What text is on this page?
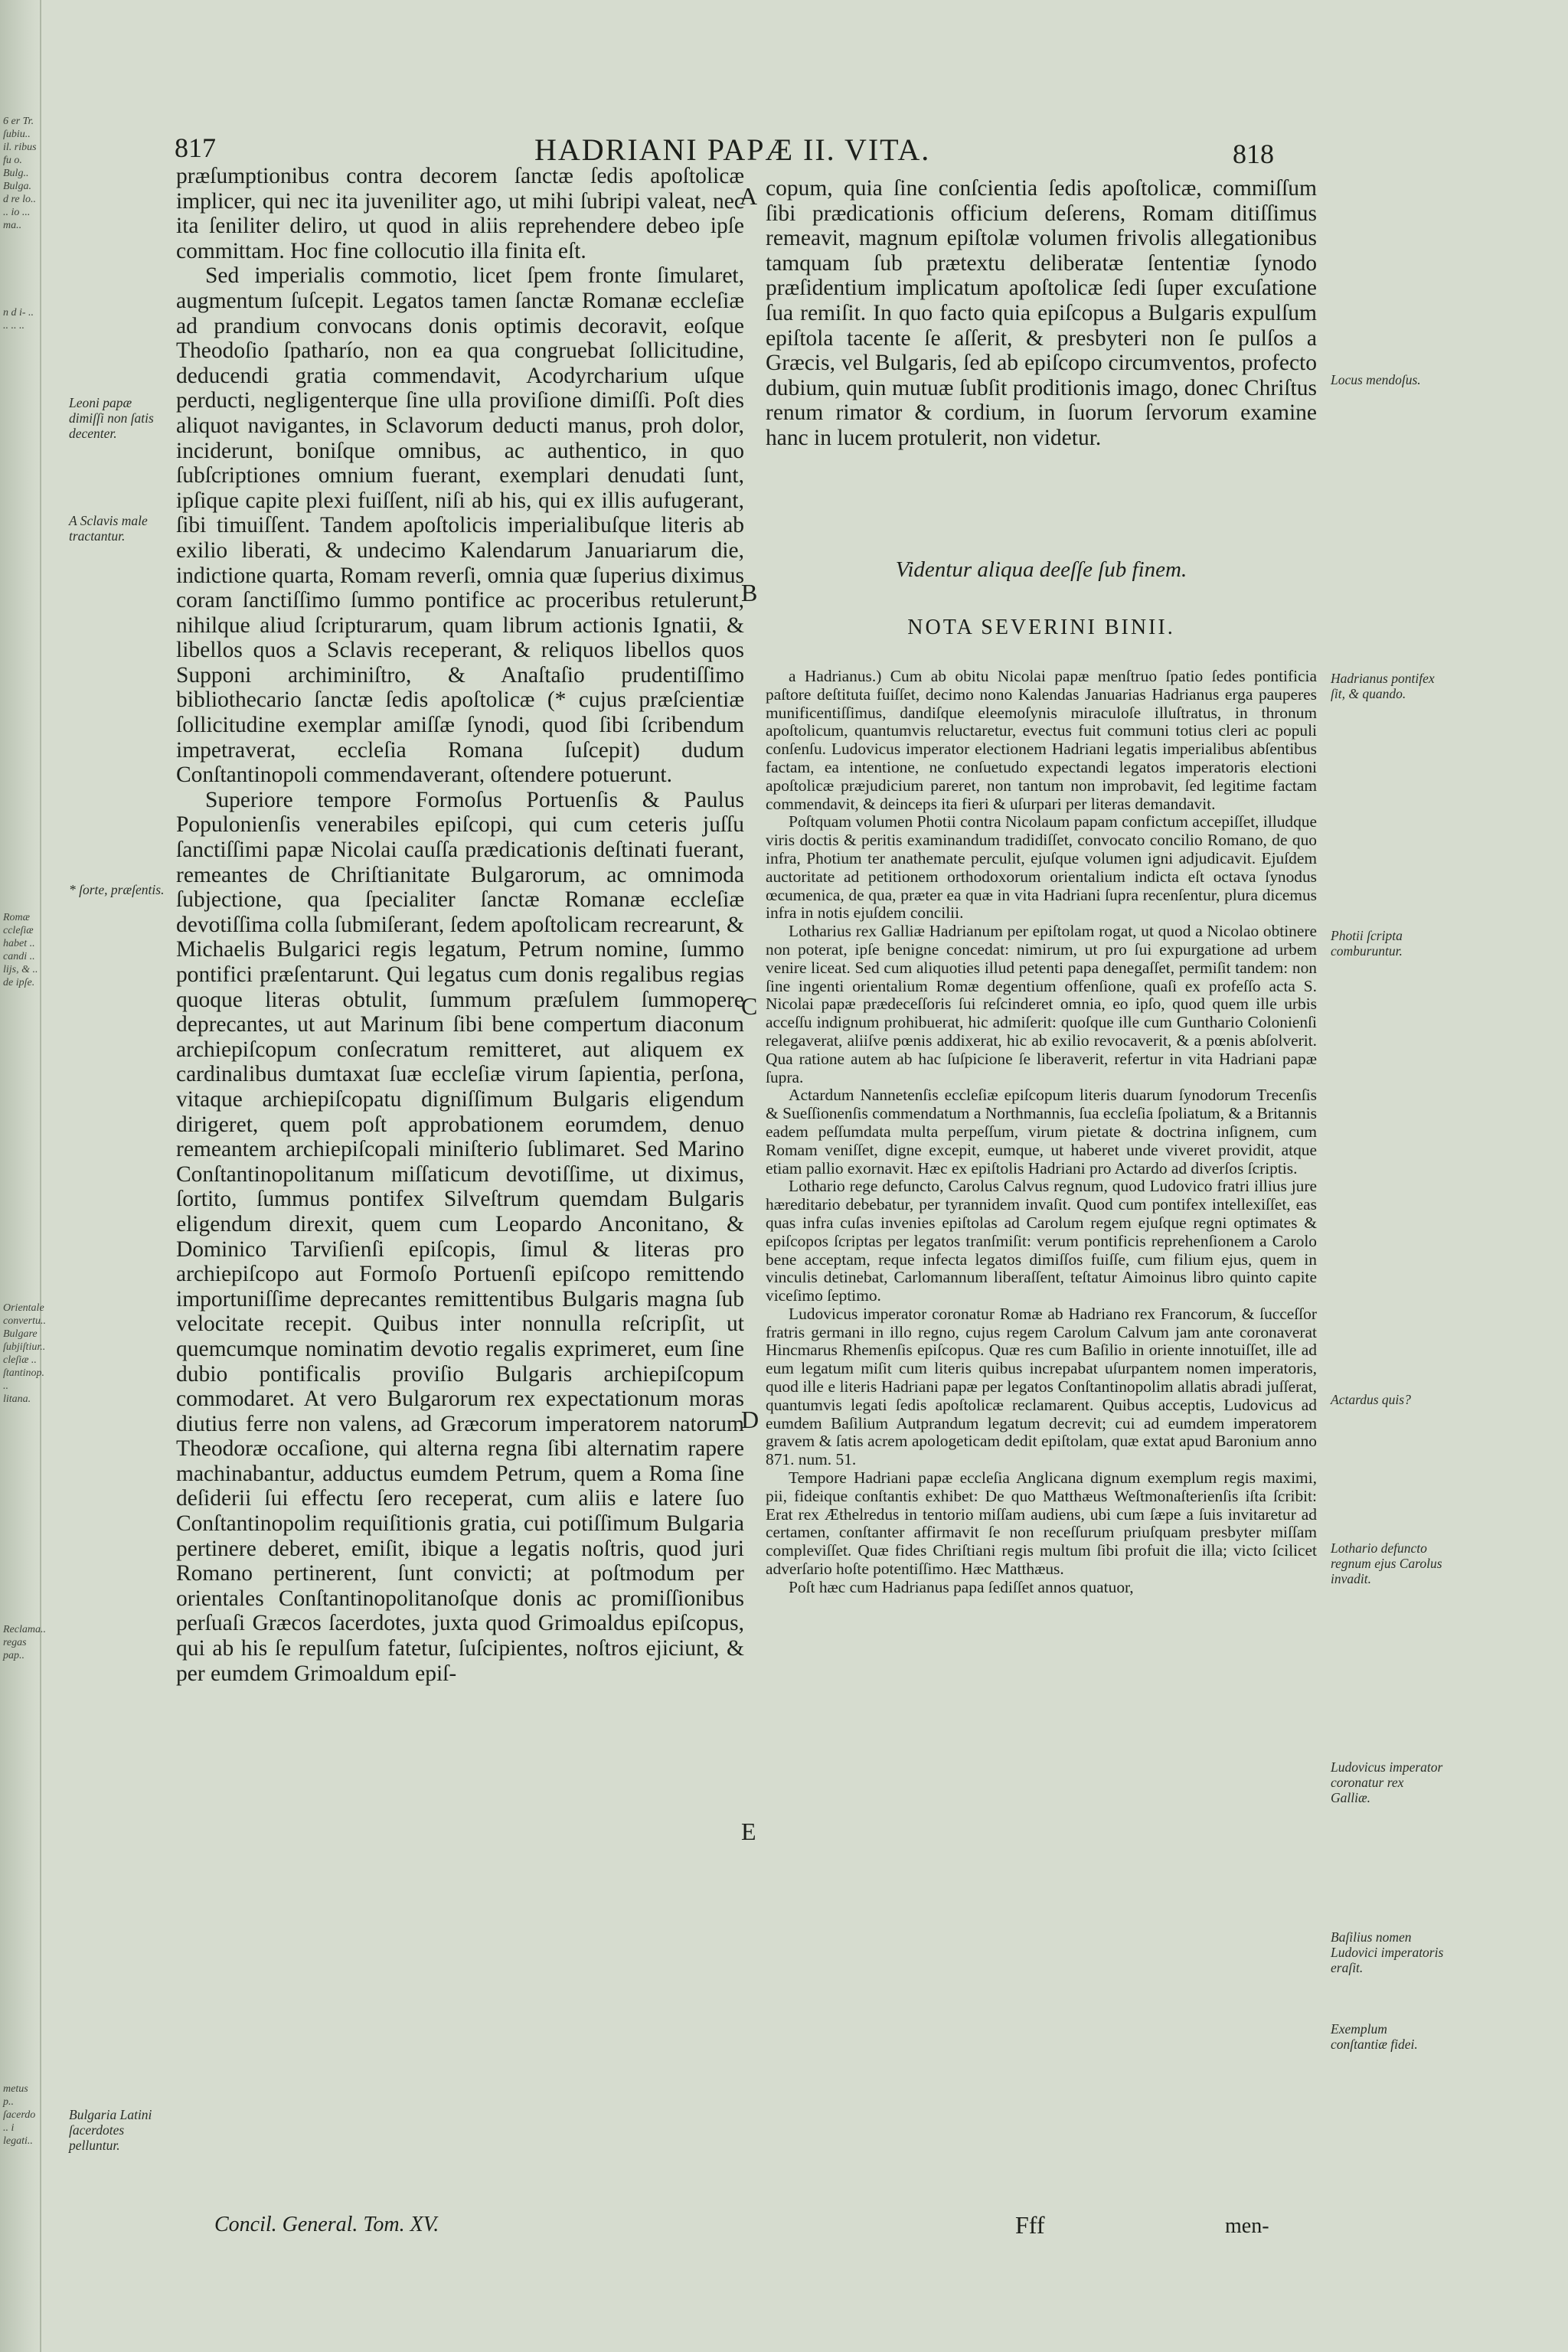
6 er Tr. ſubiu.. il. ribus fu o. Bulg.. Bulga. d re lo.. .. io ... ma..
n d i- .. .. .. ..
Romæ ccleſiæ habet .. candi .. lijs, & .. de ipſe.
Orientale convertu.. Bulgare ſubjiſtiur.. cleſiæ .. ſtantinop. .. litana.
Reclama.. regas pap..
metus p.. ſacerdo .. i legati..
817	HADRIANI PAPÆ II. VITA.	818

præſumptionibus contra decorem ſanctæ ſedis apoſtolicæ implicer, qui nec ita juveniliter ago, ut mihi ſubripi valeat, nec ita ſeniliter deliro, ut quod in aliis reprehendere debeo ipſe committam. Hoc fine collocutio illa finita eſt.

Sed imperialis commotio, licet ſpem fronte ſimularet, augmentum ſuſcepit. Legatos tamen ſanctæ Romanæ eccleſiæ ad prandium convocans donis optimis decoravit, eoſque Theodoſio ſpatharío, non ea qua congruebat ſollicitudine, deducendi gratia commendavit, Acodyrcharium uſque perducti, negligenterque ſine ulla proviſione dimiſſi. Poſt dies aliquot navigantes, in Sclavorum deducti manus, proh dolor, inciderunt, boniſque omnibus, ac authentico, in quo ſubſcriptiones omnium fuerant, exemplari denudati ſunt, ipſique capite plexi fuiſſent, niſi ab his, qui ex illis aufugerant, ſibi timuiſſent. Tandem apoſtolicis imperialibuſque literis ab exilio liberati, & undecimo Kalendarum Januariarum die, indictione quarta, Romam reverſi, omnia quæ ſuperius diximus coram ſanctiſſimo ſummo pontifice ac proceribus retulerunt, nihilque aliud ſcripturarum, quam librum actionis Ignatii, & libellos quos a Sclavis receperant, & reliquos libellos quos Supponi archiminiſtro, & Anaſtaſio prudentiſſimo bibliothecario ſanctæ ſedis apoſtolicæ (* cujus præſcientiæ ſollicitudine exemplar amiſſæ ſynodi, quod ſibi ſcribendum impetraverat, eccleſia Romana ſuſcepit) dudum Conſtantinopoli commendaverant, oſtendere potuerunt.

Superiore tempore Formoſus Portuenſis & Paulus Populonienſis venerabiles epiſcopi, qui cum ceteris juſſu ſanctiſſimi papæ Nicolai cauſſa prædicationis deſtinati fuerant, remeantes de Chriſtianitate Bulgarorum, ac omnimoda ſubjectione, qua ſpecialiter ſanctæ Romanæ eccleſiæ devotiſſima colla ſubmiſerant, ſedem apoſtolicam recrearunt, & Michaelis Bulgarici regis legatum, Petrum nomine, ſummo pontifici præſentarunt. Qui legatus cum donis regalibus regias quoque literas obtulit, ſummum præſulem ſummopere deprecantes, ut aut Marinum ſibi bene compertum diaconum archiepiſcopum conſecratum remitteret, aut aliquem ex cardinalibus dumtaxat ſuæ eccleſiæ virum ſapientia, perſona, vitaque archiepiſcopatu digniſſimum Bulgaris eligendum dirigeret, quem poſt approbationem eorumdem, denuo remeantem archiepiſcopali miniſterio ſublimaret. Sed Marino Conſtantinopolitanum miſſaticum devotiſſime, ut diximus, ſortito, ſummus pontifex Silveſtrum quemdam Bulgaris eligendum direxit, quem cum Leopardo Anconitano, & Dominico Tarviſienſi epiſcopis, ſimul & literas pro archiepiſcopo aut Formoſo Portuenſi epiſcopo remittendo importuniſſime deprecantes remittentibus Bulgaris magna ſub velocitate recepit. Quibus inter nonnulla reſcripſit, ut quemcumque nominatim devotio regalis exprimeret, eum ſine dubio pontificalis proviſio Bulgaris archiepiſcopum commodaret. At vero Bulgarorum rex expectationum moras diutius ferre non valens, ad Græcorum imperatorem natorum Theodoræ occaſione, qui alterna regna ſibi alternatim rapere machinabantur, adductus eumdem Petrum, quem a Roma ſine deſiderii ſui effectu ſero receperat, cum aliis e latere ſuo Conſtantinopolim requiſitionis gratia, cui potiſſimum Bulgaria pertinere deberet, emiſit, ibique a legatis noſtris, quod juri Romano pertinerent, ſunt convicti; at poſtmodum per orientales Conſtantinopolitanoſque donis ac promiſſionibus perſuaſi Græcos ſacerdotes, juxta quod Grimoaldus epiſcopus, qui ab his ſe repulſum fatetur, ſuſcipientes, noſtros ejiciunt, & per eumdem Grimoaldum epiſ-

copum, quia ſine conſcientia ſedis apoſtolicæ, commiſſum ſibi prædicationis officium deſerens, Romam ditiſſimus remeavit, magnum epiſtolæ volumen frivolis allegationibus tamquam ſub prætextu deliberatæ ſententiæ ſynodo præſidentium implicatum apoſtolicæ ſedi ſuper excuſatione ſua remiſit. In quo facto quia epiſcopus a Bulgaris expulſum epiſtola tacente ſe aſſerit, & presbyteri non ſe pulſos a Græcis, vel Bulgaris, ſed ab epiſcopo circumventos, profecto dubium, quin mutuæ ſubſit proditionis imago, donec Chriſtus renum rimator & cordium, in ſuorum ſervorum examine hanc in lucem protulerit, non videtur.

Videntur aliqua deeſſe ſub finem.
NOTA SEVERINI BINII.

a Hadrianus.) Cum ab obitu Nicolai papæ menſtruo ſpatio ſedes pontificia paſtore deſtituta fuiſſet, decimo nono Kalendas Januarias Hadrianus erga pauperes munificentiſſimus, dandiſque eleemoſynis miraculoſe illuſtratus, in thronum apoſtolicum, quantumvis reluctaretur, evectus fuit communi totius cleri ac populi conſenſu. Ludovicus imperator electionem Hadriani legatis imperialibus abſentibus factam, ea intentione, ne conſuetudo expectandi legatos imperatoris electioni apoſtolicæ præjudicium pareret, non tantum non improbavit, ſed legitime factam commendavit, & deinceps ita fieri & uſurpari per literas demandavit.

Poſtquam volumen Photii contra Nicolaum papam confictum accepiſſet, illudque viris doctis & peritis examinandum tradidiſſet, convocato concilio Romano, de quo infra, Photium ter anathemate perculit, ejuſque volumen igni adjudicavit. Ejuſdem auctoritate ad petitionem orthodoxorum orientalium indicta eſt octava ſynodus œcumenica, de qua, præter ea quæ in vita Hadriani ſupra recenſentur, plura dicemus infra in notis ejuſdem concilii.

Lotharius rex Galliæ Hadrianum per epiſtolam rogat, ut quod a Nicolao obtinere non poterat, ipſe benigne concedat: nimirum, ut pro ſui expurgatione ad urbem venire liceat. Sed cum aliquoties illud petenti papa denegaſſet, permiſit tandem: non ſine ingenti orientalium Romæ degentium offenſione, quaſi ex profeſſo acta S. Nicolai papæ prædeceſſoris ſui reſcinderet omnia, eo ipſo, quod quem ille urbis acceſſu indignum prohibuerat, hic admiſerit: quoſque ille cum Gunthario Colonienſi relegaverat, aliiſve pœnis addixerat, hic ab exilio revocaverit, & a pœnis abſolverit. Qua ratione autem ab hac ſuſpicione ſe liberaverit, refertur in vita Hadriani papæ ſupra.

Actardum Nannetenſis eccleſiæ epiſcopum literis duarum ſynodorum Trecenſis & Sueſſionenſis commendatum a Northmannis, ſua eccleſia ſpoliatum, & a Britannis eadem peſſumdata multa perpeſſum, virum pietate & doctrina inſignem, cum Romam veniſſet, digne excepit, eumque, ut haberet unde viveret providit, atque etiam pallio exornavit. Hæc ex epiſtolis Hadriani pro Actardo ad diverſos ſcriptis.

Lothario rege defuncto, Carolus Calvus regnum, quod Ludovico fratri illius jure hæreditario debebatur, per tyrannidem invaſit. Quod cum pontifex intellexiſſet, eas quas infra cuſas invenies epiſtolas ad Carolum regem ejuſque regni optimates & epiſcopos ſcriptas per legatos tranſmiſit: verum pontificis reprehenſionem a Carolo bene acceptam, reque infecta legatos dimiſſos fuiſſe, cum filium ejus, quem in vinculis detinebat, Carlomannum liberaſſent, teſtatur Aimoinus libro quinto capite viceſimo ſeptimo.

Ludovicus imperator coronatur Romæ ab Hadriano rex Francorum, & ſucceſſor fratris germani in illo regno, cujus regem Carolum Calvum jam ante coronaverat Hincmarus Rhemenſis epiſcopus. Quæ res cum Baſilio in oriente innotuiſſet, ille ad eum legatum miſit cum literis quibus increpabat uſurpantem nomen imperatoris, quod ille e literis Hadriani papæ per legatos Conſtantinopolim allatis abradi juſſerat, quantumvis legati ſedis apoſtolicæ reclamarent. Quibus acceptis, Ludovicus ad eumdem Baſilium Autprandum legatum decrevit; cui ad eumdem imperatorem gravem & ſatis acrem apologeticam dedit epiſtolam, quæ extat apud Baronium anno 871. num. 51.

Tempore Hadriani papæ eccleſia Anglicana dignum exemplum regis maximi, pii, fideique conſtantis exhibet: De quo Matthæus Weſtmonaſterienſis iſta ſcribit: Erat rex Æthelredus in tentorio miſſam audiens, ubi cum ſæpe a ſuis invitaretur ad certamen, conſtanter affirmavit ſe non receſſurum priuſquam presbyter miſſam compleviſſet. Quæ fides Chriſtiani regis multum ſibi profuit die illa; victo ſcilicet adverſario hoſte potentiſſimo. Hæc Matthæus.

Poſt hæc cum Hadrianus papa ſediſſet annos quatuor,

Leoni papæ dimiſſi non ſatis decenter.
A Sclavis male tractantur.
* ſorte, præſentis.
Bulgaria Latini ſacerdotes pelluntur.
Locus mendoſus.
Hadrianus pontifex ſit, & quando.
Photii ſcripta comburuntur.
Actardus quis?
Lothario defuncto regnum ejus Carolus invadit.
Ludovicus imperator coronatur rex Galliæ.
Baſilius nomen Ludovici imperatoris eraſit.
Exemplum conſtantiæ fidei.
A
B
C
D
E
Concil. General. Tom. XV.	Fff	men-
